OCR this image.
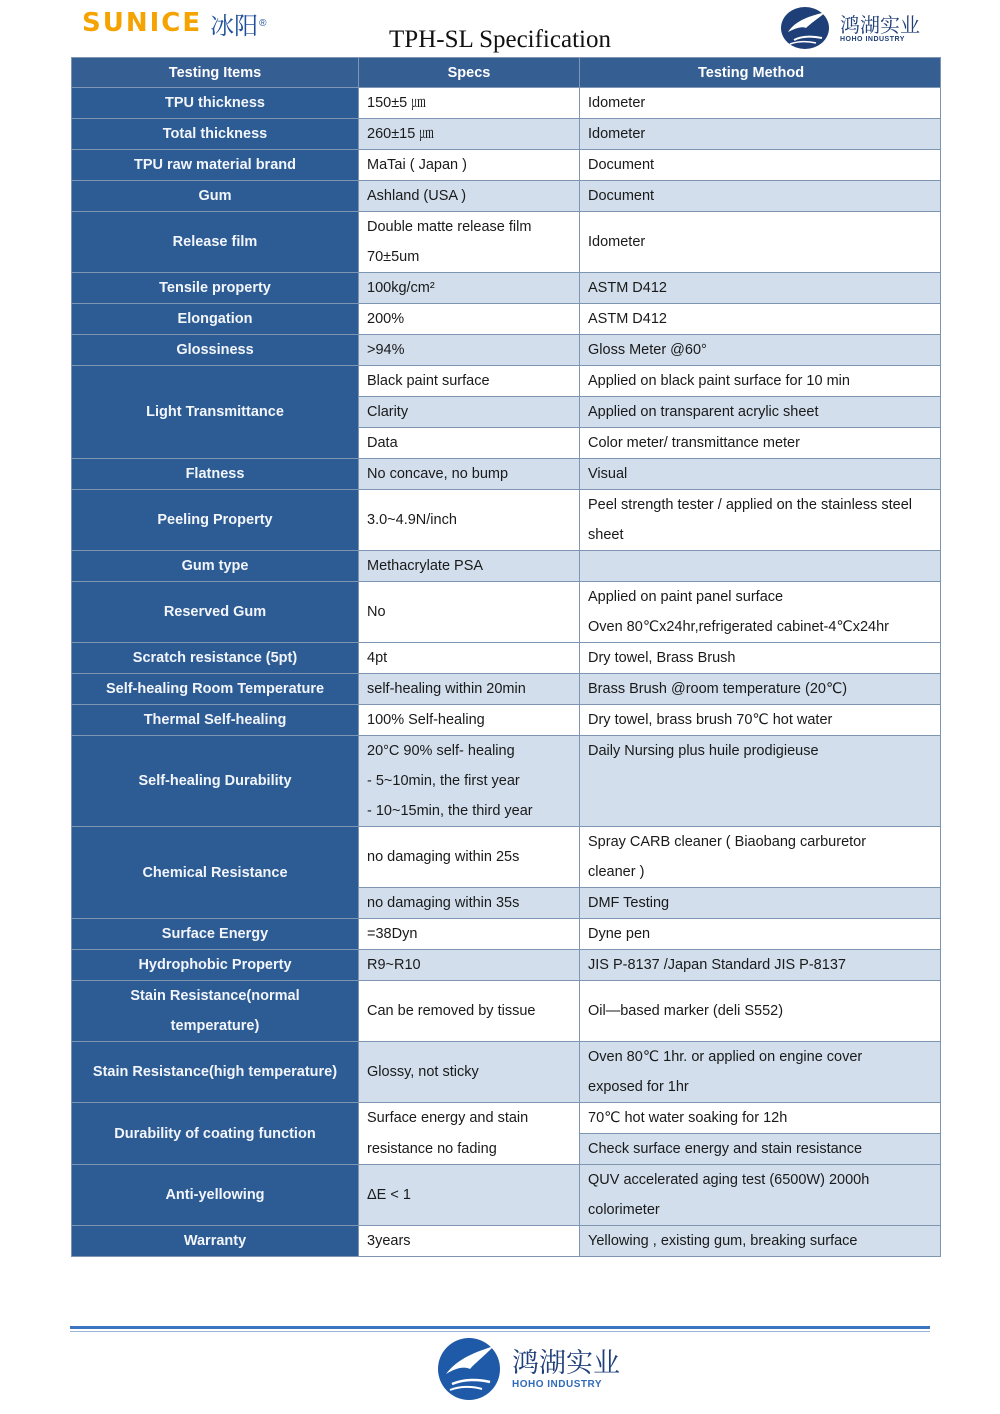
SUNICE 冰阳 ®
TPH-SL Specification
鸿湖实业
HOHO INDUSTRY
Testing Items	Specs	Testing Method
TPU thickness	150±5 ㎛	Idometer
Total thickness	260±15 ㎛	Idometer
TPU raw material brand	MaTai ( Japan )	Document
Gum	Ashland (USA )	Document
Release film	Double matte release film	Idometer
	70±5um	
Tensile property	100kg/cm²	ASTM D412
Elongation	200%	ASTM D412
Glossiness	>94%	Gloss Meter @60°
Light Transmittance	Black paint surface	Applied on black paint surface for 10 min
	Clarity	Applied on transparent acrylic sheet
	Data	Color meter/ transmittance meter
Flatness	No concave, no bump	Visual
Peeling Property	3.0~4.9N/inch	Peel strength tester / applied on the stainless steel
		sheet
Gum type	Methacrylate PSA	
Reserved Gum	No	Applied on paint panel surface
		Oven 80℃x24hr,refrigerated cabinet-4℃x24hr
Scratch resistance (5pt)	4pt	Dry towel, Brass Brush
Self-healing Room Temperature	self-healing within 20min	Brass Brush @room temperature (20℃)
Thermal Self-healing	100% Self-healing	Dry towel, brass brush 70℃ hot water
Self-healing Durability	20°C 90% self- healing	Daily Nursing plus huile prodigieuse
	- 5~10min, the first year	
	- 10~15min, the third year	
Chemical Resistance	no damaging within 25s	Spray CARB cleaner ( Biaobang carburetor
		cleaner )
	no damaging within 35s	DMF Testing
Surface Energy	=38Dyn	Dyne pen
Hydrophobic Property	R9~R10	JIS P-8137 /Japan Standard JIS P-8137
Stain Resistance(normal	Can be removed by tissue	Oil—based marker (deli S552)
temperature)		
Stain Resistance(high temperature)	Glossy, not sticky	Oven 80℃ 1hr. or applied on engine cover
		exposed for 1hr
Durability of coating function	Surface energy and stain	70℃ hot water soaking for 12h
	resistance no fading	Check surface energy and stain resistance
Anti-yellowing	ΔE < 1	QUV accelerated aging test (6500W) 2000h
		colorimeter
Warranty	3years	Yellowing , existing gum, breaking surface
鸿湖实业
HOHO INDUSTRY
